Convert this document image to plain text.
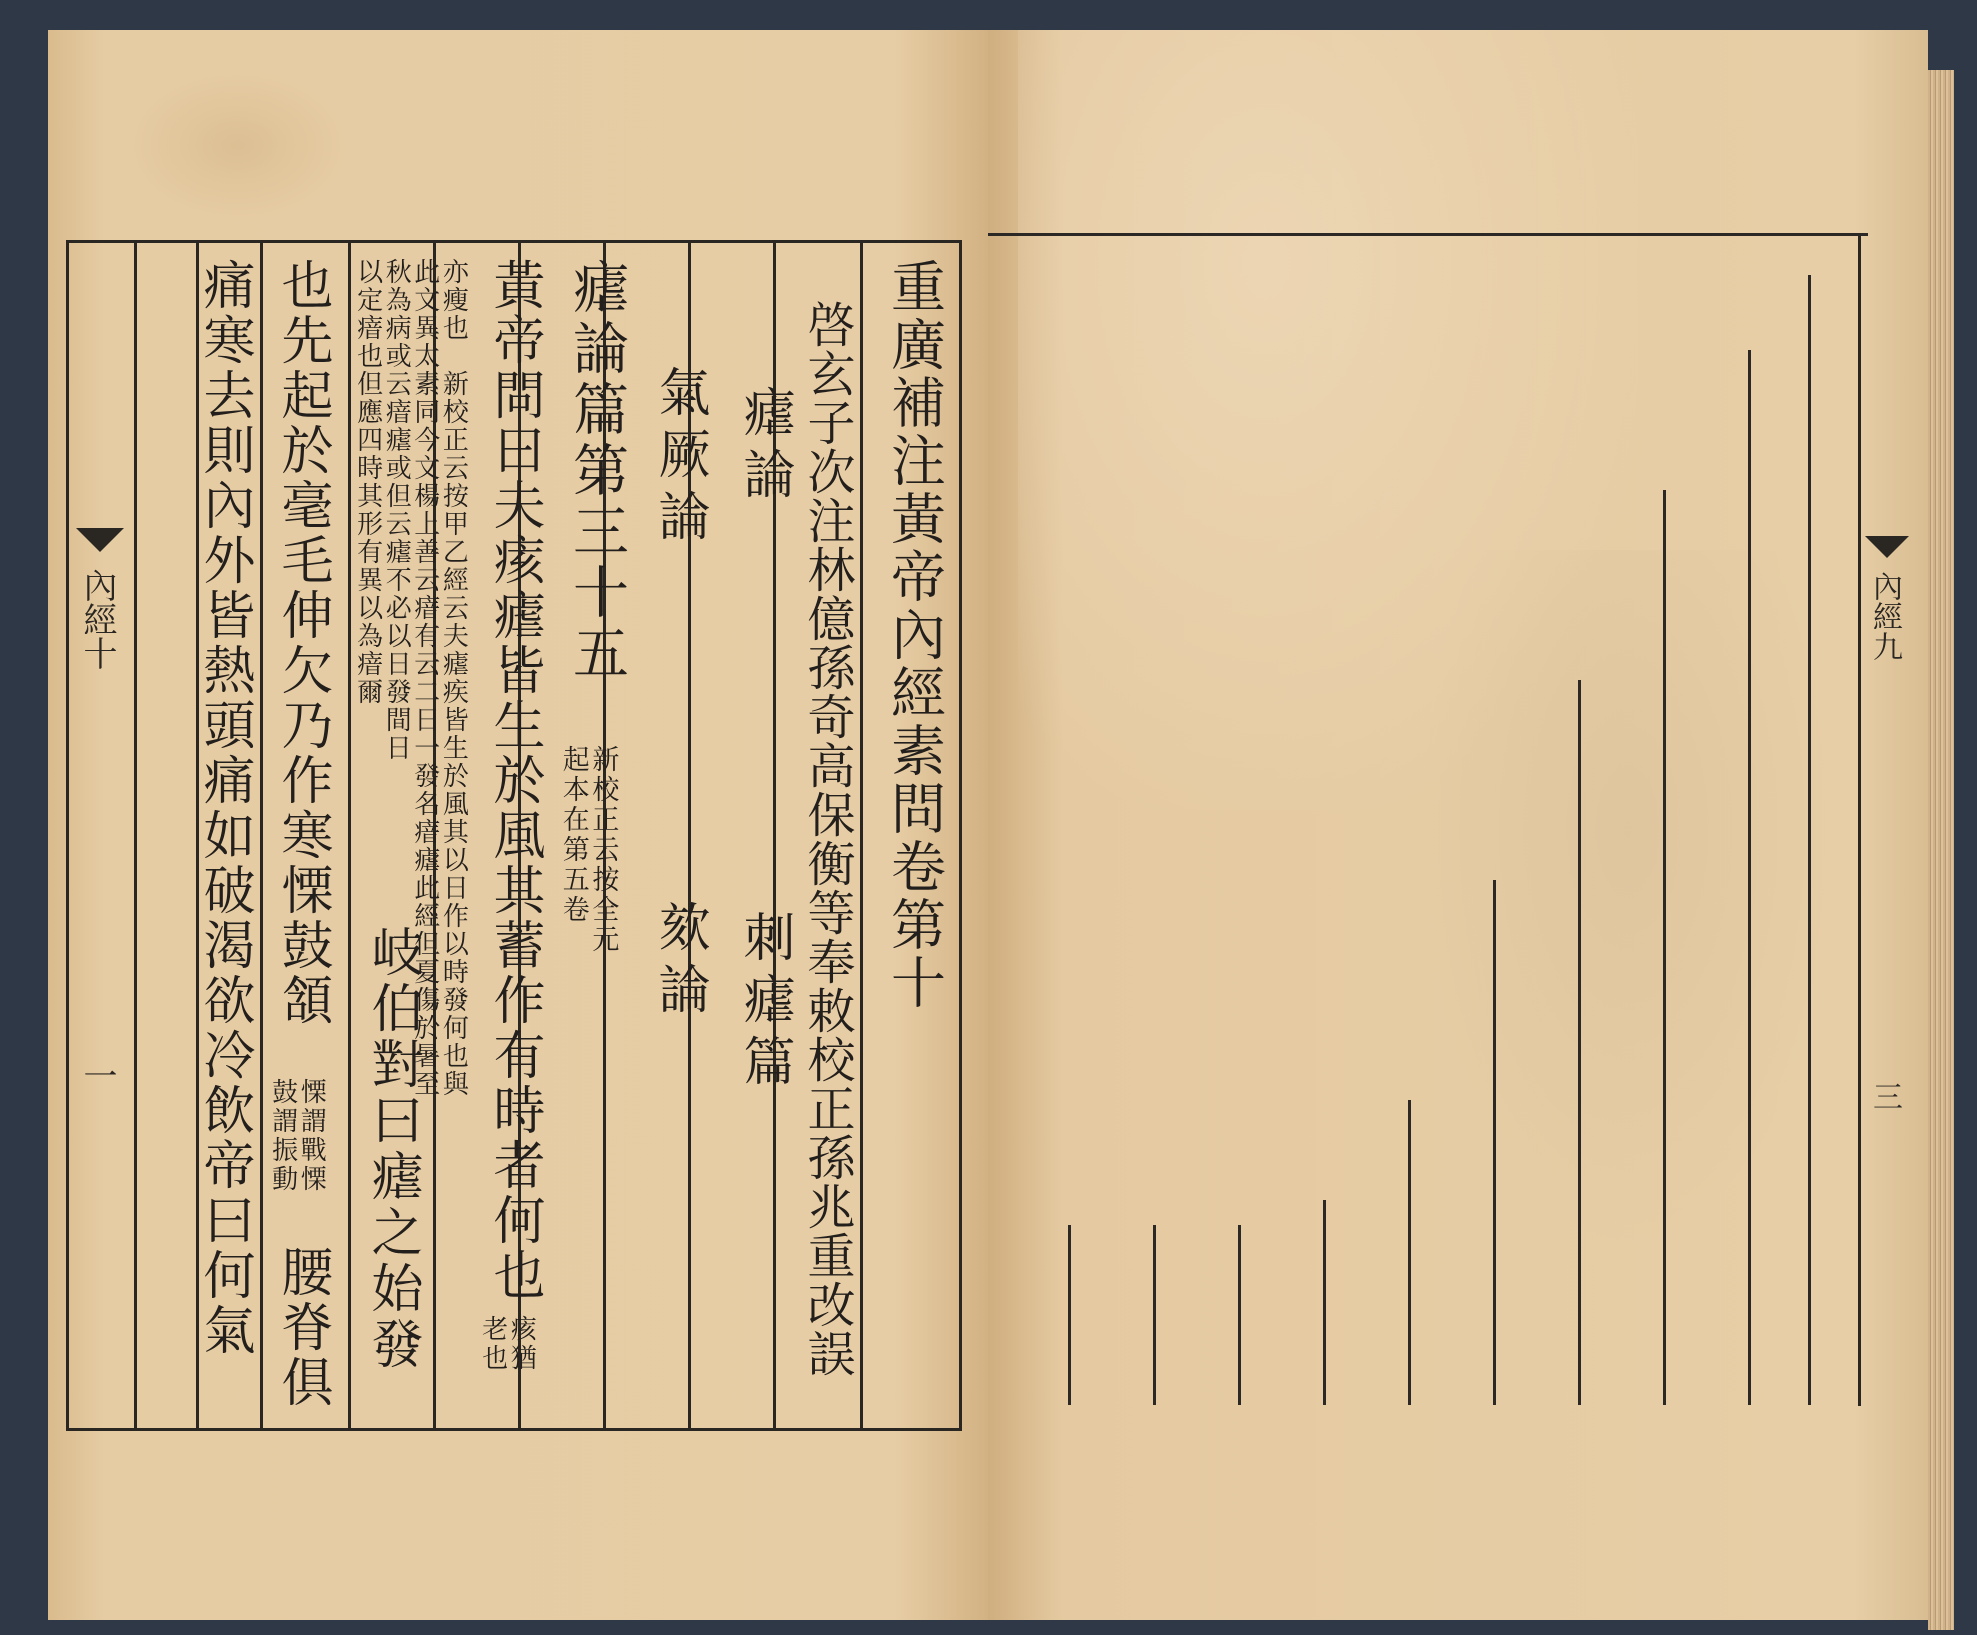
內經十
一
重廣補注黃帝內經素問卷第十
啓玄子次注林億孫奇高保衡等奉敕校正孫兆重改誤
瘧論
刺瘧篇
氣厥論
欬論
瘧論篇第三十五
新校正云按全元
起本在第五卷
黃帝問曰夫痎瘧皆生於風其蓄作有時者何也
痎猶
老也
亦瘦也　新校正云按甲乙經云夫瘧疾皆生於風其以日作以時發何也與
此文異太素同今文楊上善云瘖有云二日一發名瘖瘧此經但夏傷於暑至
秋為病或云瘖瘧或但云瘧不必以日發間日
以定瘖也但應四時其形有異以為瘖爾
岐伯對曰瘧之始發
也先起於毫毛伸欠乃作寒慄鼓頷
慄謂戰慄
鼓謂振動
腰脊俱
痛寒去則內外皆熱頭痛如破渴欲冷飲帝曰何氣	內經九
三
